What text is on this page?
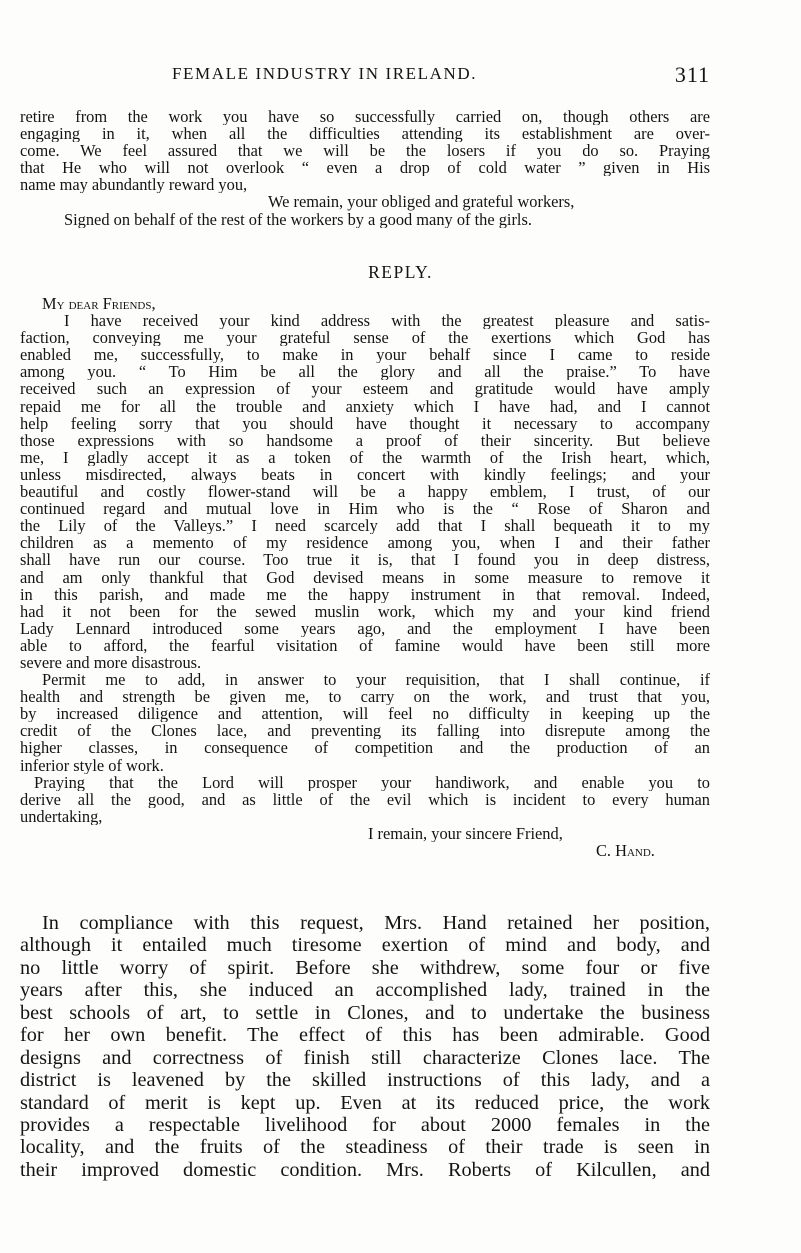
FEMALE INDUSTRY IN IRELAND.	311
retire from the work you have so successfully carried on, though others are
engaging in it, when all the difficulties attending its establishment are over-
come. We feel assured that we will be the losers if you do so. Praying
that He who will not overlook “ even a drop of cold water ” given in His
name may abundantly reward you,
We remain, your obliged and grateful workers,
Signed on behalf of the rest of the workers by a good many of the girls.
REPLY.
My dear Friends,
I have received your kind address with the greatest pleasure and satis-
faction, conveying me your grateful sense of the exertions which God has
enabled me, successfully, to make in your behalf since I came to reside
among you. “ To Him be all the glory and all the praise.” To have
received such an expression of your esteem and gratitude would have amply
repaid me for all the trouble and anxiety which I have had, and I cannot
help feeling sorry that you should have thought it necessary to accompany
those expressions with so handsome a proof of their sincerity. But believe
me, I gladly accept it as a token of the warmth of the Irish heart, which,
unless misdirected, always beats in concert with kindly feelings; and your
beautiful and costly flower-stand will be a happy emblem, I trust, of our
continued regard and mutual love in Him who is the “ Rose of Sharon and
the Lily of the Valleys.” I need scarcely add that I shall bequeath it to my
children as a memento of my residence among you, when I and their father
shall have run our course. Too true it is, that I found you in deep distress,
and am only thankful that God devised means in some measure to remove it
in this parish, and made me the happy instrument in that removal. Indeed,
had it not been for the sewed muslin work, which my and your kind friend
Lady Lennard introduced some years ago, and the employment I have been
able to afford, the fearful visitation of famine would have been still more
severe and more disastrous.
Permit me to add, in answer to your requisition, that I shall continue, if
health and strength be given me, to carry on the work, and trust that you,
by increased diligence and attention, will feel no difficulty in keeping up the
credit of the Clones lace, and preventing its falling into disrepute among the
higher classes, in consequence of competition and the production of an
inferior style of work.
Praying that the Lord will prosper your handiwork, and enable you to
derive all the good, and as little of the evil which is incident to every human
undertaking,
I remain, your sincere Friend,
C. Hand.
In compliance with this request, Mrs. Hand retained her position,
although it entailed much tiresome exertion of mind and body, and
no little worry of spirit. Before she withdrew, some four or five
years after this, she induced an accomplished lady, trained in the
best schools of art, to settle in Clones, and to undertake the business
for her own benefit. The effect of this has been admirable. Good
designs and correctness of finish still characterize Clones lace. The
district is leavened by the skilled instructions of this lady, and a
standard of merit is kept up. Even at its reduced price, the work
provides a respectable livelihood for about 2000 females in the
locality, and the fruits of the steadiness of their trade is seen in
their improved domestic condition. Mrs. Roberts of Kilcullen, and
